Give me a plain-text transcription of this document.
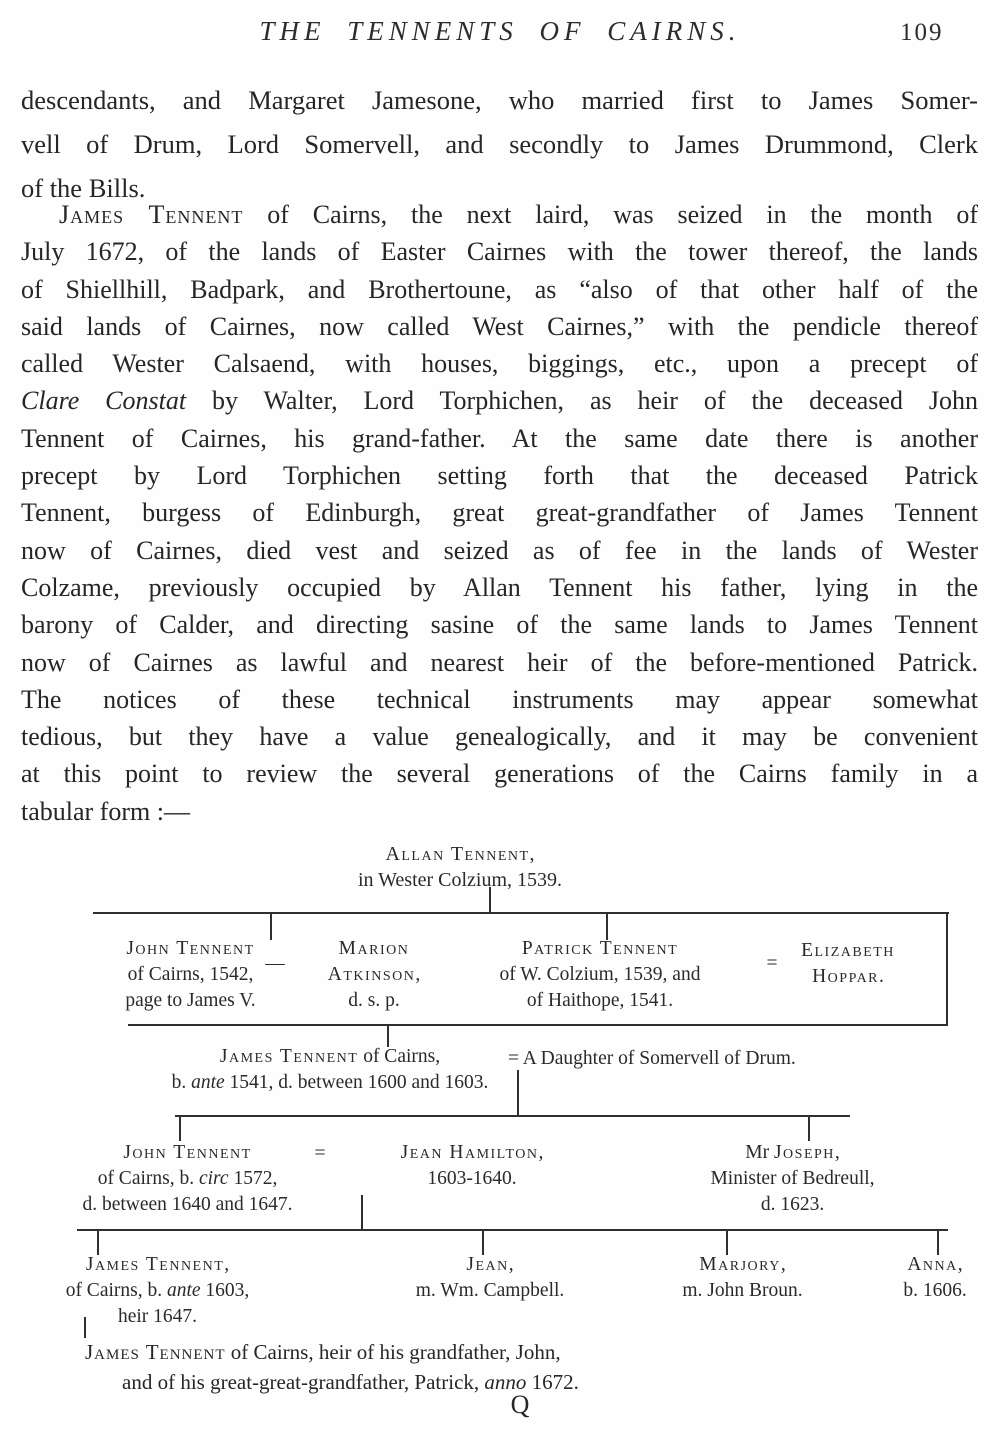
THE TENNENTS OF CAIRNS.	109
descendants, and Margaret Jamesone, who married first to James Somer-
vell of Drum, Lord Somervell, and secondly to James Drummond, Clerk
of the Bills.
James Tennent of Cairns, the next laird, was seized in the month of
July 1672, of the lands of Easter Cairnes with the tower thereof, the lands
of Shiellhill, Badpark, and Brothertoune, as “also of that other half of the
said lands of Cairnes, now called West Cairnes,” with the pendicle thereof
called Wester Calsaend, with houses, biggings, etc., upon a precept of
Clare Constat by Walter, Lord Torphichen, as heir of the deceased John
Tennent of Cairnes, his grand-father. At the same date there is another
precept by Lord Torphichen setting forth that the deceased Patrick
Tennent, burgess of Edinburgh, great great-grandfather of James Tennent
now of Cairnes, died vest and seized as of fee in the lands of Wester
Colzame, previously occupied by Allan Tennent his father, lying in the
barony of Calder, and directing sasine of the same lands to James Tennent
now of Cairnes as lawful and nearest heir of the before-mentioned Patrick.
The notices of these technical instruments may appear somewhat
tedious, but they have a value genealogically, and it may be convenient
at this point to review the several generations of the Cairns family in a
tabular form :—
Allan Tennent,
in Wester Colzium, 1539.
John Tennent
of Cairns, 1542,
page to James V.
—
Marion
Atkinson,
d. s. p.
Patrick Tennent
of W. Colzium, 1539, and
of Haithope, 1541.
=
Elizabeth
Hoppar.
James Tennent of Cairns,
b. ante 1541, d. between 1600 and 1603.
= A Daughter of Somervell of Drum.
John Tennent
of Cairns, b. circ 1572,
d. between 1640 and 1647.
=	Jean Hamilton,
1603-1640.
Mr Joseph,
Minister of Bedreull,
d. 1623.
James Tennent,
of Cairns, b. ante 1603,
heir 1647.
Jean,
m. Wm. Campbell.
Marjory,
m. John Broun.
Anna,
b. 1606.
James Tennent of Cairns, heir of his grandfather, John,
and of his great-great-grandfather, Patrick, anno 1672.
Q
